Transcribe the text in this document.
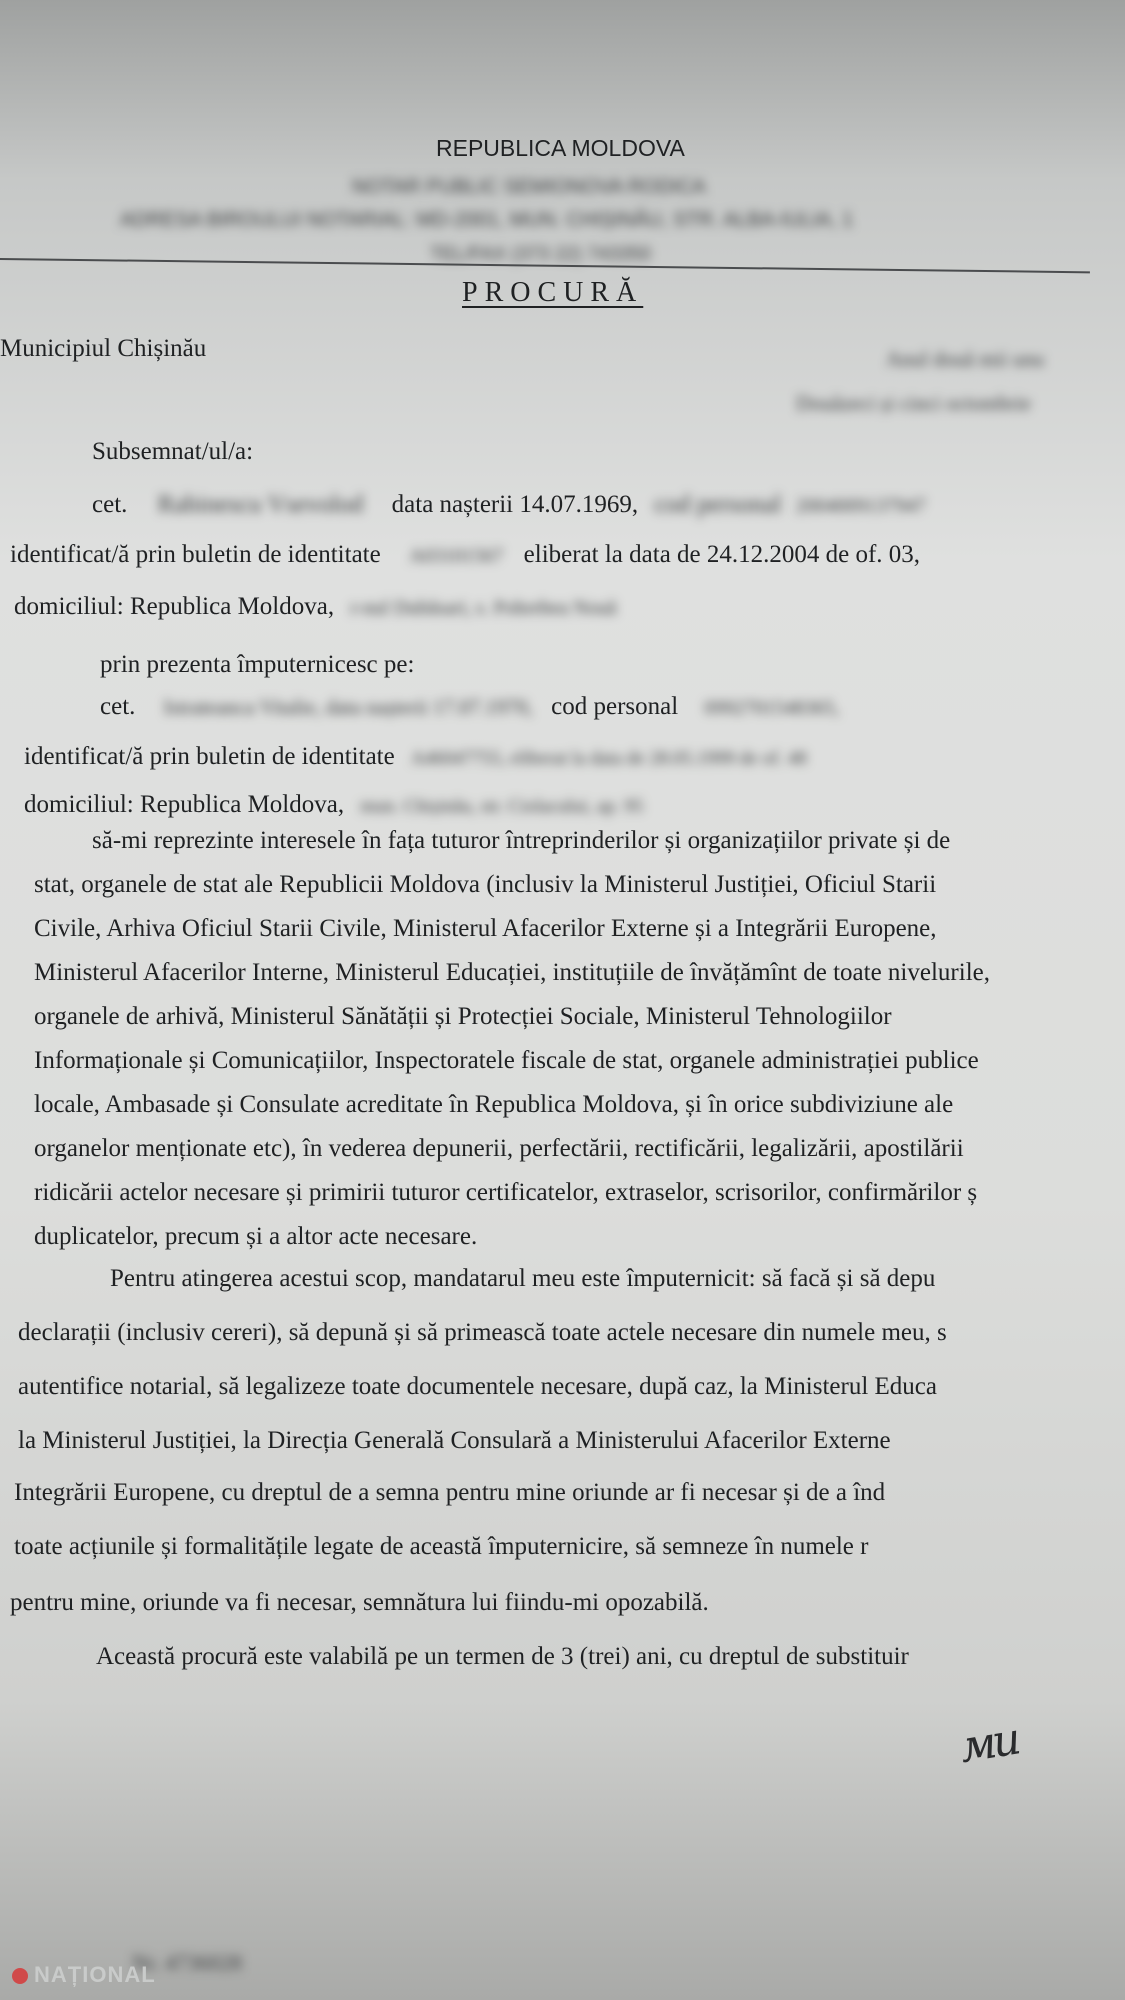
REPUBLICA MOLDOVA
NOTAR PUBLIC SEMIONOVA RODICA
ADRESA BIROULUI NOTARIAL: MD-2001, MUN. CHIȘINĂU, STR. ALBA-IULIA, 1
TEL/FAX (373 22) 743350
PROCURĂ
Municipiul Chișinău	Anul două mii unu
Douăzeci și cinci octombrie
Subsemnat/ul/a:
cet. Rabinescu Vsevolod data nașterii 14.07.1969, cod personal 2004009137947
identificat/ă prin buletin de identitate A03101567 eliberat la data de 24.12.2004 de of. 03,
domiciliul: Republica Moldova, r-nul Dubăsari, s. Pohrebea Nouă
prin prezenta împuternicesc pe:
cet. Istrateanca Vitalie, data nașterii 17.07.1970, cod personal 0992701548365,
identificat/ă prin buletin de identitate A46047755, eliberat la data de 28.05.1999 de of. 48
domiciliul: Republica Moldova, mun. Chișinău, str. Ciolacului, ap. 95
să-mi reprezinte interesele în fața tuturor întreprinderilor și organizațiilor private și de
stat, organele de stat ale Republicii Moldova (inclusiv la Ministerul Justiției, Oficiul Starii
Civile, Arhiva Oficiul Starii Civile, Ministerul Afacerilor Externe și a Integrării Europene,
Ministerul Afacerilor Interne, Ministerul Educației, instituțiile de învățămînt de toate nivelurile,
organele de arhivă, Ministerul Sănătății și Protecției Sociale, Ministerul Tehnologiilor
Informaționale și Comunicațiilor, Inspectoratele fiscale de stat, organele administrației publice
locale, Ambasade și Consulate acreditate în Republica Moldova, și în orice subdiviziune ale
organelor menționate etc), în vederea depunerii, perfectării, rectificării, legalizării, apostilării
ridicării actelor necesare și primirii tuturor certificatelor, extraselor, scrisorilor, confirmărilor ș
duplicatelor, precum și a altor acte necesare.
Pentru atingerea acestui scop, mandatarul meu este împuternicit: să facă și să depu
declarații (inclusiv cereri), să depună și să primească toate actele necesare din numele meu, s
autentifice notarial, să legalizeze toate documentele necesare, după caz, la Ministerul Educa
la Ministerul Justiției, la Direcția Generală Consulară a Ministerului Afacerilor Externe
Integrării Europene, cu dreptul de a semna pentru mine oriunde ar fi necesar și de a înd
toate acțiunile și formalitățile legate de această împuternicire, să semneze în numele r
pentru mine, oriunde va fi necesar, semnătura lui fiindu-mi opozabilă.
Această procură este valabilă pe un termen de 3 (trei) ani, cu dreptul de substituir
ми
Nr. 4736028
NAȚIONAL
